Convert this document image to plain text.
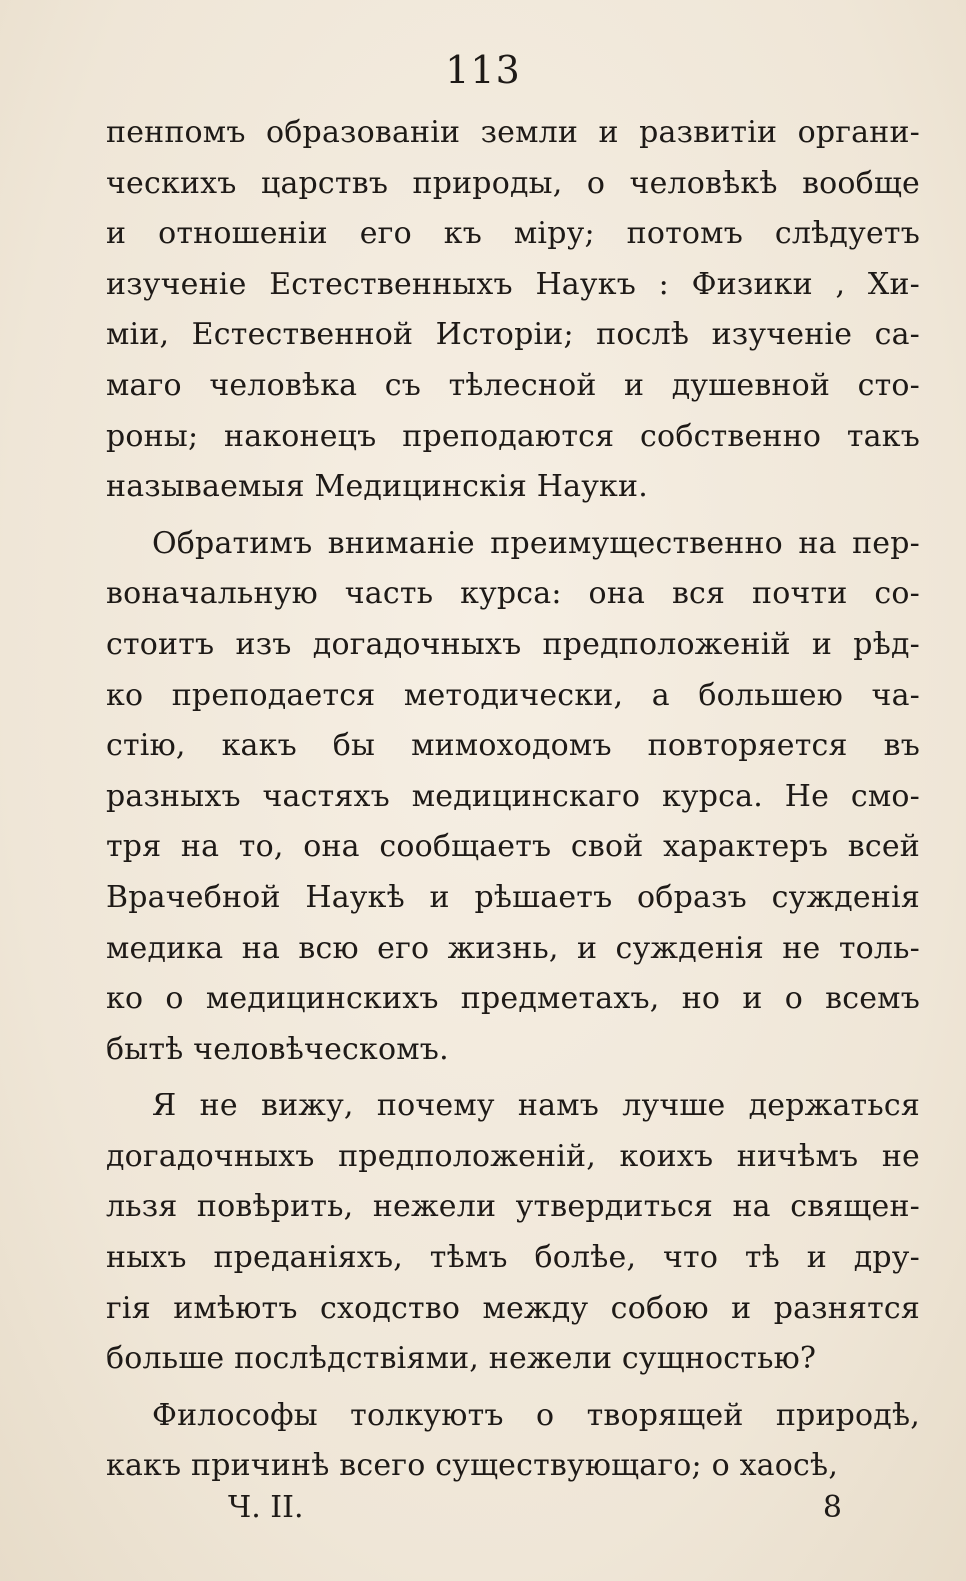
113

пенпомъ образованіи земли и развитіи органи-
ческихъ царствъ природы, о человѣкѣ вообще
и отношеніи его къ міру; потомъ слѣдуетъ
изученіе Естественныхъ Наукъ : Физики , Хи-
міи, Естественной Исторіи; послѣ изученіе са-
маго человѣка съ тѣлесной и душевной сто-
роны; наконецъ преподаются собственно такъ
называемыя Медицинскія Науки.

Обратимъ вниманіе преимущественно на пер-
воначальную часть курса: она вся почти со-
стоитъ изъ догадочныхъ предположеній и рѣд-
ко преподается методически, а большею ча-
стію, какъ бы мимоходомъ повторяется въ
разныхъ частяхъ медицинскаго курса. Не смо-
тря на то, она сообщаетъ свой характеръ всей
Врачебной Наукѣ и рѣшаетъ образъ сужденія
медика на всю его жизнь, и сужденія не толь-
ко о медицинскихъ предметахъ, но и о всемъ
бытѣ человѣческомъ.

Я не вижу, почему намъ лучше держаться
догадочныхъ предположеній, коихъ ничѣмъ не
льзя повѣрить, нежели утвердиться на священ-
ныхъ преданіяхъ, тѣмъ болѣе, что тѣ и дру-
гія имѣютъ сходство между собою и разнятся
больше послѣдствіями, нежели сущностью?

Философы толкуютъ о творящей природѣ,
какъ причинѣ всего существующаго; о хаосѣ,

Ч. II.	8
